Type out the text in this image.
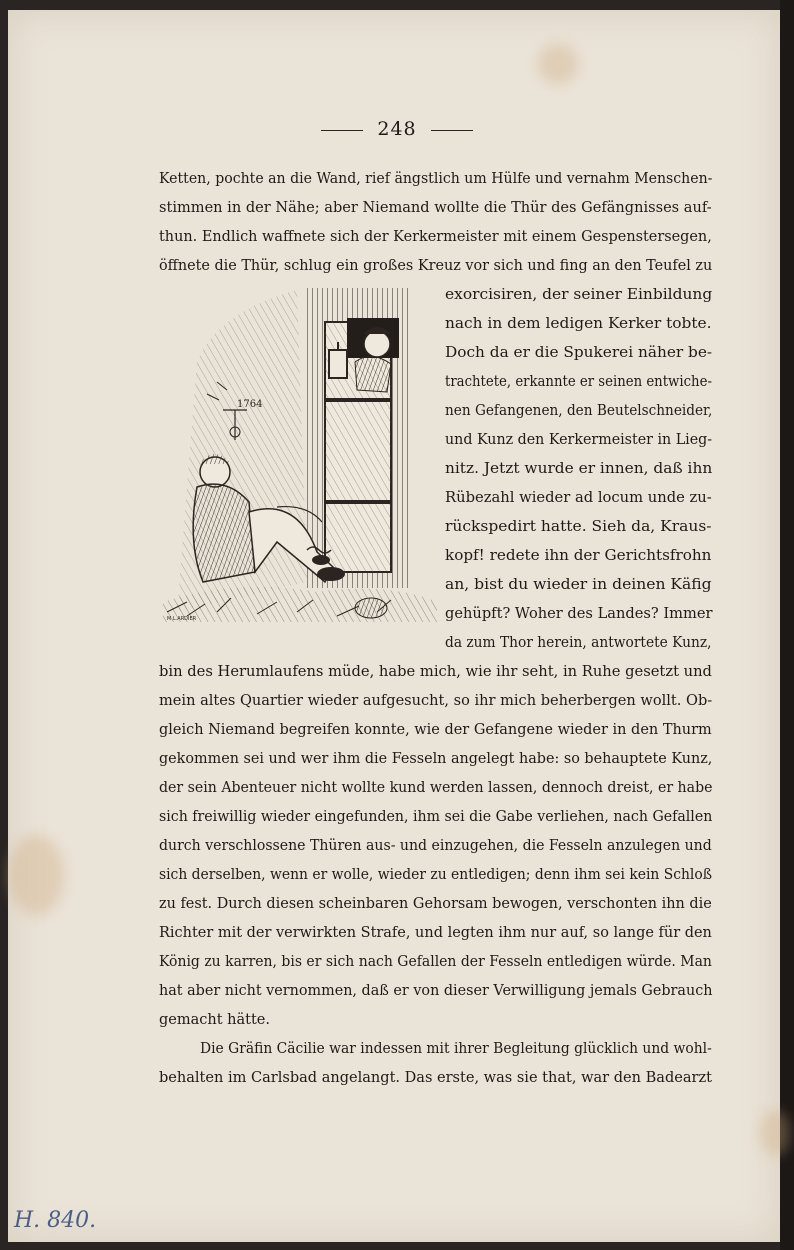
248
Ketten, pochte an die Wand, rief ängstlich um Hülfe und vernahm Menschen-
stimmen in der Nähe; aber Niemand wollte die Thür des Gefängnisses auf-
thun. Endlich waffnete sich der Kerkermeister mit einem Gespenstersegen,
öffnete die Thür, schlug ein großes Kreuz vor sich und fing an den Teufel zu
1764
M.L.ARDIER
exorcisiren, der seiner Einbildung
nach in dem ledigen Kerker tobte.
Doch da er die Spukerei näher be-
trachtete, erkannte er seinen entwiche-
nen Gefangenen, den Beutelschneider,
und Kunz den Kerkermeister in Lieg-
nitz. Jetzt wurde er innen, daß ihn
Rübezahl wieder ad locum unde zu-
rückspedirt hatte. Sieh da, Kraus-
kopf! redete ihn der Gerichtsfrohn
an, bist du wieder in deinen Käfig
gehüpft? Woher des Landes? Immer
da zum Thor herein, antwortete Kunz,
bin des Herumlaufens müde, habe mich, wie ihr seht, in Ruhe gesetzt und
mein altes Quartier wieder aufgesucht, so ihr mich beherbergen wollt. Ob-
gleich Niemand begreifen konnte, wie der Gefangene wieder in den Thurm
gekommen sei und wer ihm die Fesseln angelegt habe: so behauptete Kunz,
der sein Abenteuer nicht wollte kund werden lassen, dennoch dreist, er habe
sich freiwillig wieder eingefunden, ihm sei die Gabe verliehen, nach Gefallen
durch verschlossene Thüren aus- und einzugehen, die Fesseln anzulegen und
sich derselben, wenn er wolle, wieder zu entledigen; denn ihm sei kein Schloß
zu fest. Durch diesen scheinbaren Gehorsam bewogen, verschonten ihn die
Richter mit der verwirkten Strafe, und legten ihm nur auf, so lange für den
König zu karren, bis er sich nach Gefallen der Fesseln entledigen würde. Man
hat aber nicht vernommen, daß er von dieser Verwilligung jemals Gebrauch
gemacht hätte.
Die Gräfin Cäcilie war indessen mit ihrer Begleitung glücklich und wohl-
behalten im Carlsbad angelangt. Das erste, was sie that, war den Badearzt
H. 840.
